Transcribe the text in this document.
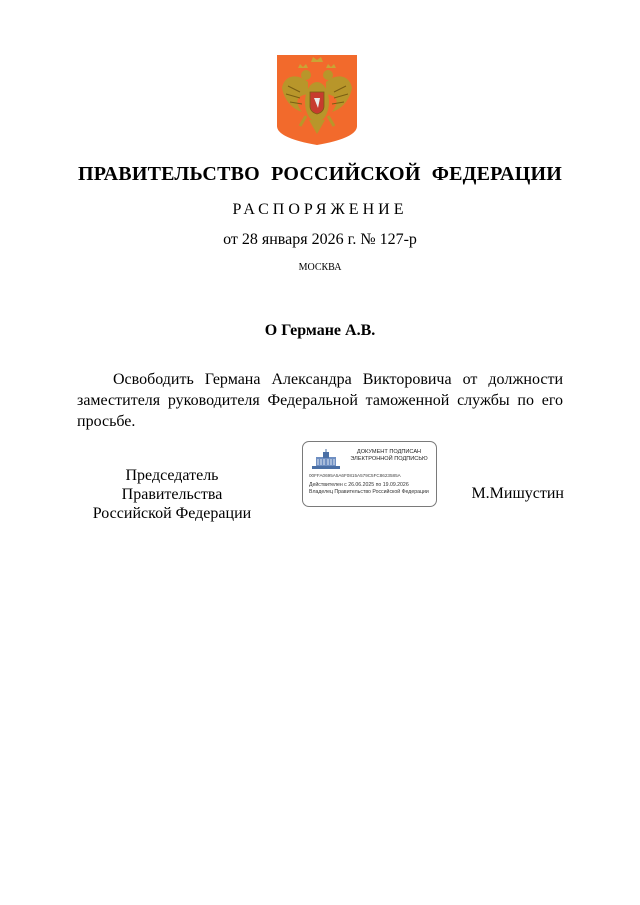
ПРАВИТЕЛЬСТВО РОССИЙСКОЙ ФЕДЕРАЦИИ
РАСПОРЯЖЕНИЕ
от 28 января 2026 г. № 127-р
МОСКВА
О Германе А.В.
Освободить Германа Александра Викторовича от должности заместителя руководителя Федеральной таможенной службы по его просьбе.
Председатель Правительства
Российской Федерации
ДОКУМЕНТ ПОДПИСАН
ЭЛЕКТРОННОЙ ПОДПИСЬЮ
00FFA0695A5A6F0815A579C5FC8623585A
Действителен с 26.06.2025 по 19.09.2026
Владелец Правительство Российской Федерации	М.Мишустин
